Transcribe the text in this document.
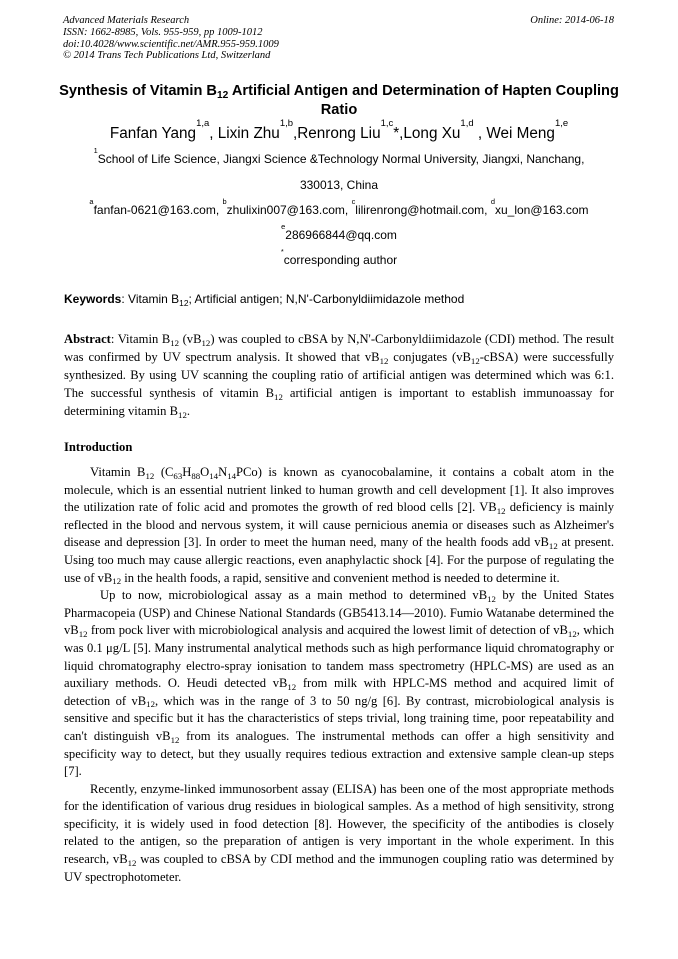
Advanced Materials Research
ISSN: 1662-8985, Vols. 955-959, pp 1009-1012
doi:10.4028/www.scientific.net/AMR.955-959.1009
© 2014 Trans Tech Publications Ltd, Switzerland
Online: 2014-06-18
Synthesis of Vitamin $B_{12}$ Artificial Antigen and Determination of Hapten Coupling Ratio
Fanfan Yang$^{1,a}$, Lixin Zhu$^{1,b}$,Renrong Liu$^{1,c}$*,Long Xu$^{1,d}$ , Wei Meng$^{1,e}$
$^1$School of Life Science, Jiangxi Science &Technology Normal University, Jiangxi, Nanchang,
330013, China
$^a$fanfan-0621@163.com, $^b$zhulixin007@163.com, $^c$lilirenrong@hotmail.com, $^d$xu_lon@163.com
$^e$286966844@qq.com
*corresponding author
Keywords: Vitamin $B_{12}$; Artificial antigen; N,N'-Carbonyldiimidazole method
Abstract: Vitamin $B_{12}$ $(vB_{12})$ was coupled to cBSA by N,N'-Carbonyldiimidazole (CDI) method. The result was confirmed by UV spectrum analysis. It showed that $vB_{12}$ conjugates $(vB_{12}-cBSA)$ were successfully synthesized. By using UV scanning the coupling ratio of artificial antigen was determined which was 6:1. The successful synthesis of vitamin $B_{12}$ artificial antigen is important to establish immunoassay for determining vitamin $B_{12}$.
Introduction

Vitamin $B_{12}$ $(C_{63}H_{88}O_{14}N_{14}PCo)$ is known as cyanocobalamine, it contains a cobalt atom in the molecule, which is an essential nutrient linked to human growth and cell development [1]. It also improves the utilization rate of folic acid and promotes the growth of red blood cells [2]. $VB_{12}$ deficiency is mainly reflected in the blood and nervous system, it will cause pernicious anemia or diseases such as Alzheimer's disease and depression [3]. In order to meet the human need, many of the health foods add $vB_{12}$ at present. Using too much may cause allergic reactions, even anaphylactic shock [4]. For the purpose of regulating the use of $vB_{12}$ in the health foods, a rapid, sensitive and convenient method is needed to determine it.

Up to now, microbiological assay as a main method to determined $vB_{12}$ by the United States Pharmacopeia (USP) and Chinese National Standards (GB5413.14—2010). Fumio Watanabe determined the $vB_{12}$ from pock liver with microbiological analysis and acquired the lowest limit of detection of $vB_{12}$, which was 0.1 μg/L [5]. Many instrumental analytical methods such as high performance liquid chromatography or liquid chromatography electro-spray ionisation to tandem mass spectrometry (HPLC-MS) are used as an auxiliary methods. O. Heudi detected $vB_{12}$ from milk with HPLC-MS method and acquired limit of detection of $vB_{12}$, which was in the range of 3 to 50 ng/g [6]. By contrast, microbiological analysis is sensitive and specific but it has the characteristics of steps trivial, long training time, poor repeatability and can't distinguish $vB_{12}$ from its analogues. The instrumental methods can offer a high sensitivity and specificity way to detect, but they usually requires tedious extraction and extensive sample clean-up steps [7].

Recently, enzyme-linked immunosorbent assay (ELISA) has been one of the most appropriate methods for the identification of various drug residues in biological samples. As a method of high sensitivity, strong specificity, it is widely used in food detection [8]. However, the specificity of the antibodies is closely related to the antigen, so the preparation of antigen is very important in the whole experiment. In this research, $vB_{12}$ was coupled to cBSA by CDI method and the immunogen coupling ratio was determined by UV spectrophotometer.
